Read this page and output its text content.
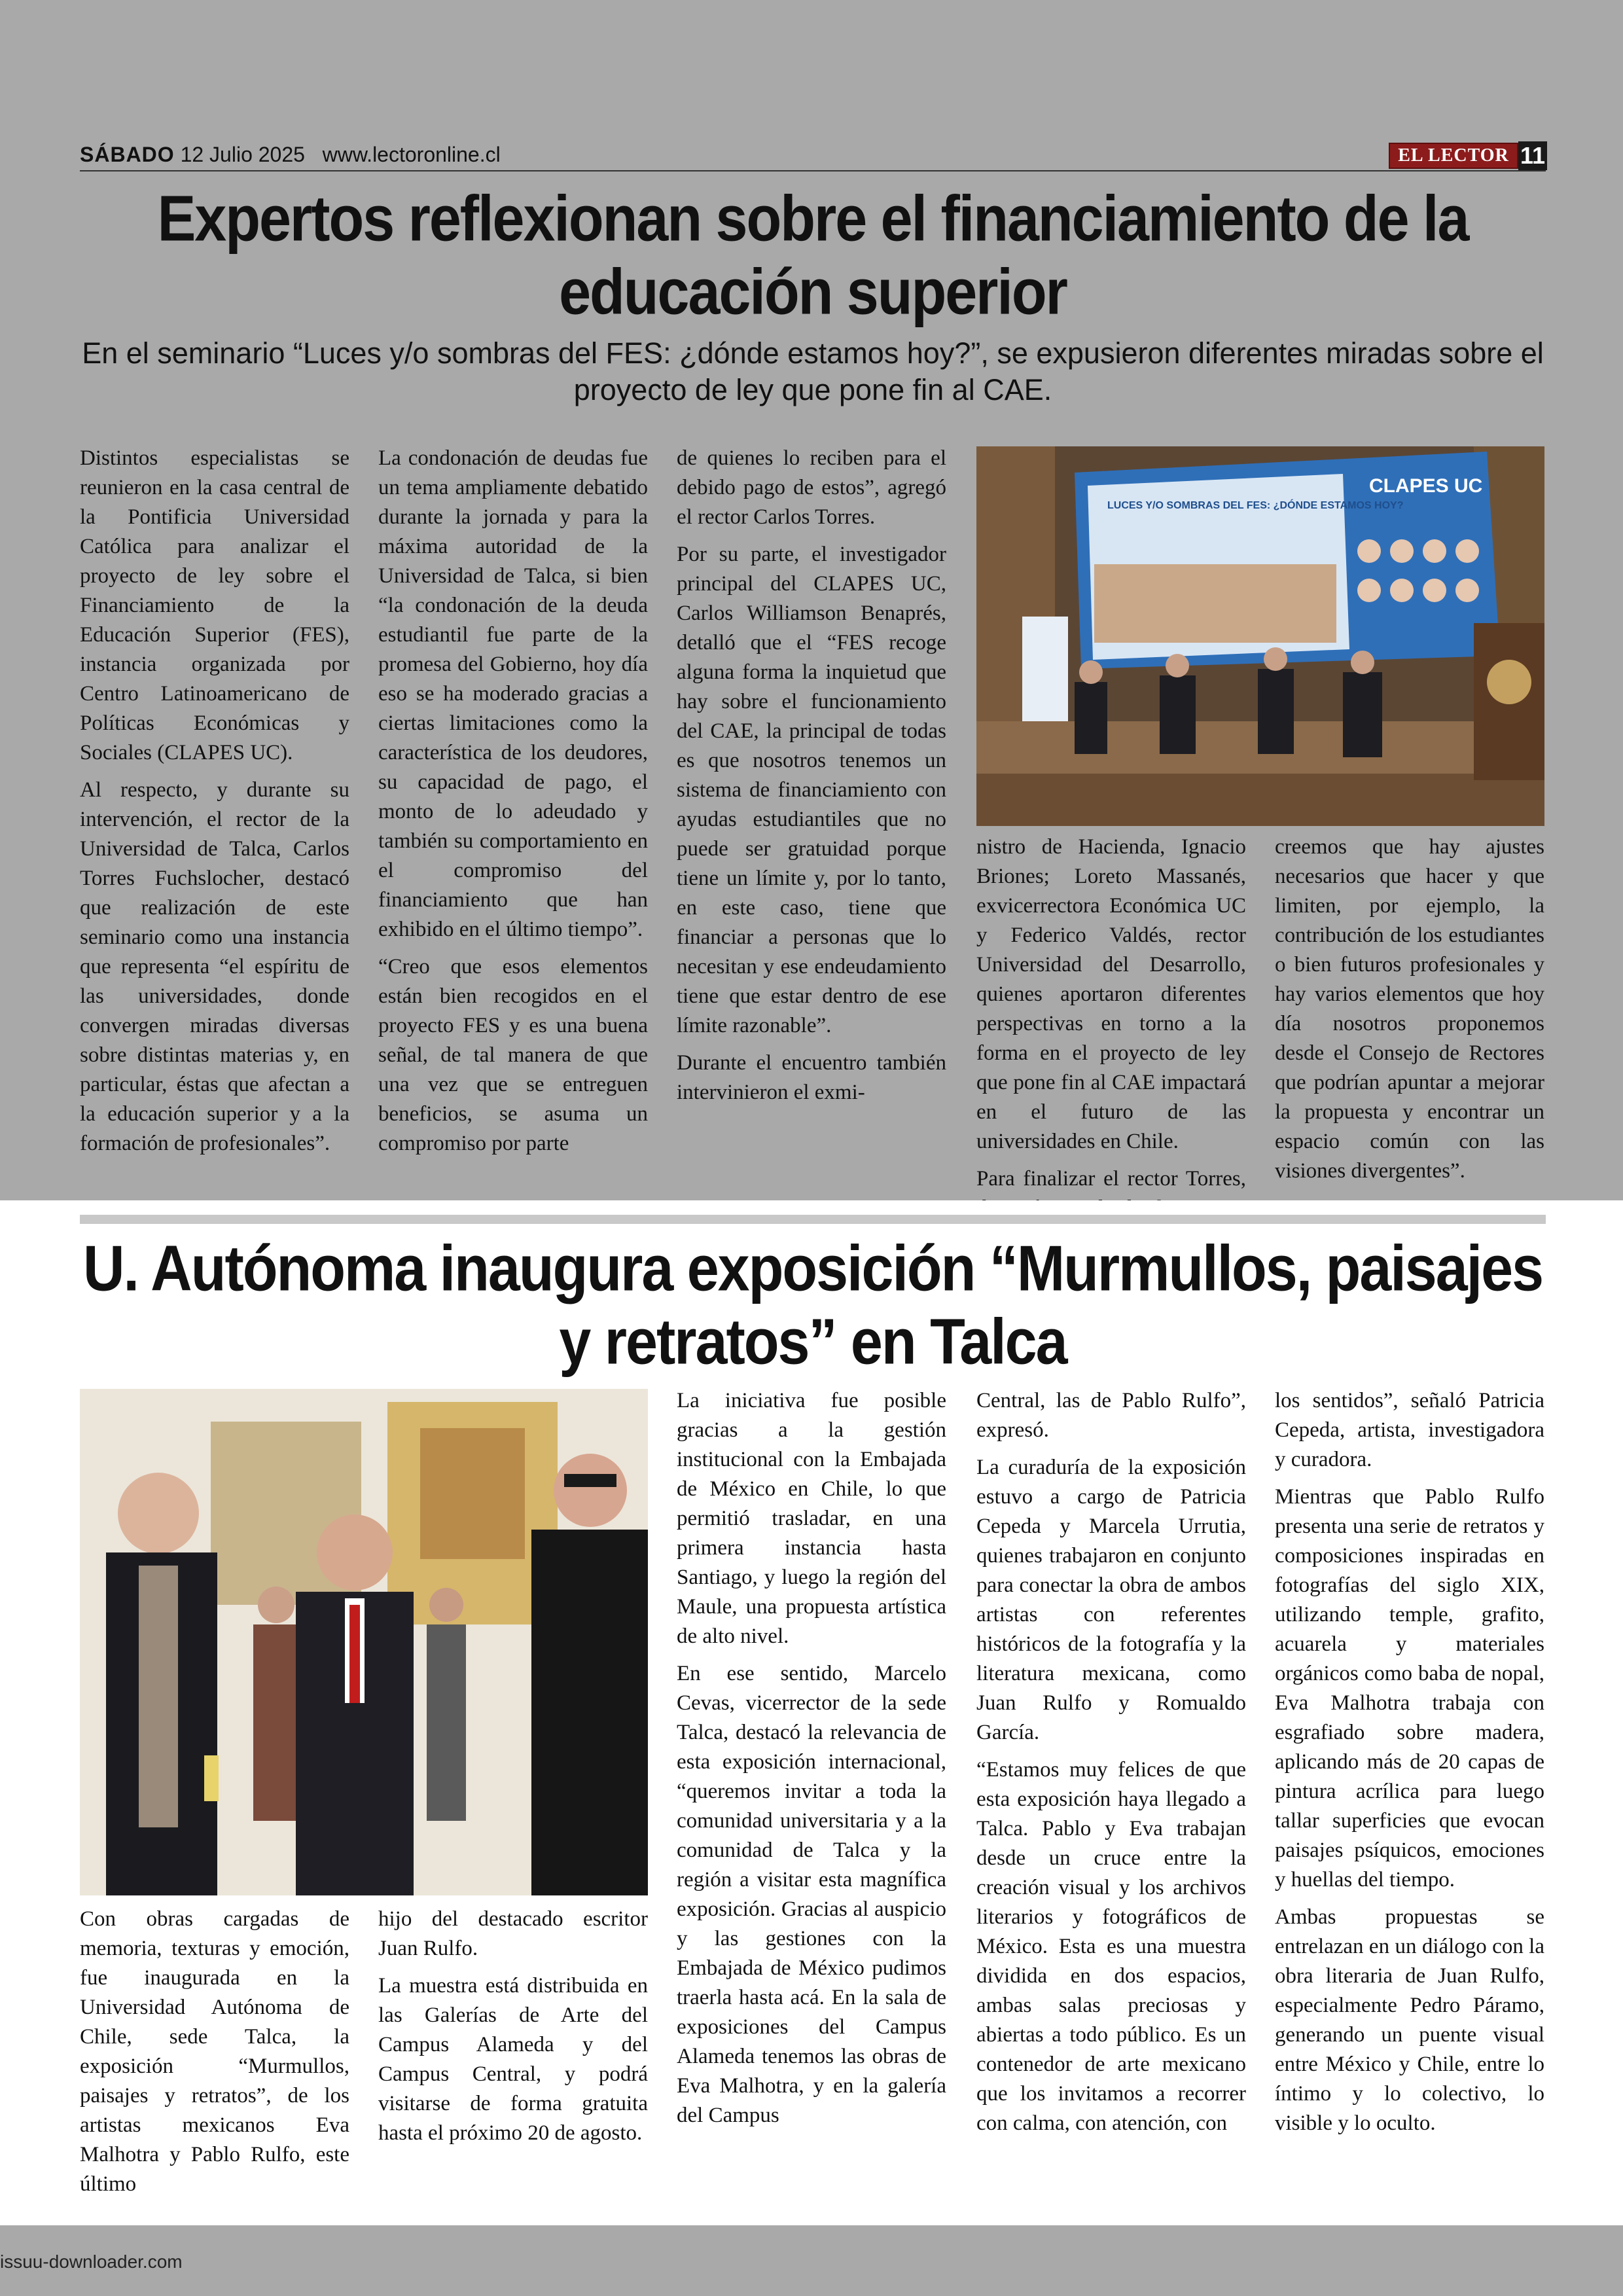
SÁBADO 12 Julio 2025 www.lectoronline.cl	EL LECTOR 11
Expertos reflexionan sobre el financiamiento de la educación superior
En el seminario “Luces y/o sombras del FES: ¿dónde estamos hoy?”, se expusieron diferentes miradas sobre el proyecto de ley que pone fin al CAE.

Distintos especialistas se reunieron en la casa central de la Pontificia Universidad Católica para analizar el proyecto de ley sobre el Financiamiento de la Educación Superior (FES), instancia organizada por Centro Latinoamericano de Políticas Económicas y Sociales (CLAPES UC).

Al respecto, y durante su intervención, el rector de la Universidad de Talca, Carlos Torres Fuchslocher, destacó que realización de este seminario como una instancia que representa “el espíritu de las universidades, donde convergen miradas diversas sobre distintas materias y, en particular, éstas que afectan a la educación superior y a la formación de profesionales”.

La condonación de deudas fue un tema ampliamente debatido durante la jornada y para la máxima autoridad de la Universidad de Talca, si bien “la condonación de la deuda estudiantil fue parte de la promesa del Gobierno, hoy día eso se ha moderado gracias a ciertas limitaciones como la característica de los deudores, su capacidad de pago, el monto de lo adeudado y también su comportamiento en el compromiso del financiamiento que han exhibido en el último tiempo”.

“Creo que esos elementos están bien recogidos en el proyecto FES y es una buena señal, de tal manera de que una vez que se entreguen beneficios, se asuma un compromiso por parte

de quienes lo reciben para el debido pago de estos”, agregó el rector Carlos Torres.

Por su parte, el investigador principal del CLAPES UC, Carlos Williamson Benaprés, detalló que el “FES recoge alguna forma la inquietud que hay sobre el funcionamiento del CAE, la principal de todas es que nosotros tenemos un sistema de financiamiento con ayudas estudiantiles que no puede ser gratuidad porque tiene un límite y, por lo tanto, en este caso, tiene que financiar a personas que lo necesitan y ese endeudamiento tiene que estar dentro de ese límite razonable”.

Durante el encuentro también intervinieron el exmi-

LUCES Y/O SOMBRAS DEL FES: ¿DÓNDE ESTAMOS HOY?
CLAPES UC

nistro de Hacienda, Ignacio Briones; Loreto Massanés, exvicerrectora Económica UC y Federico Valdés, rector Universidad del Desarrollo, quienes aportaron diferentes perspectivas en torno a la forma en el proyecto de ley que pone fin al CAE impactará en el futuro de las universidades en Chile.

Para finalizar el rector Torres,

creemos que hay ajustes necesarios que hacer y que limiten, por ejemplo, la contribución de los estudiantes o bien futuros profesionales y hay varios elementos que hoy día nosotros proponemos desde el Consejo de Rectores que podrían apuntar a mejorar la propuesta y encontrar un espacio común con las visiones divergentes”.

U. Autónoma inaugura exposición “Murmullos, paisajes y retratos” en Talca

Con obras cargadas de memoria, texturas y emoción, fue inaugurada en la Universidad Autónoma de Chile, sede Talca, la exposición “Murmullos, paisajes y retratos”, de los artistas mexicanos Eva Malhotra y Pablo Rulfo, este último

hijo del destacado escritor Juan Rulfo.

La muestra está distribuida en las Galerías de Arte del Campus Alameda y del Campus Central, y podrá visitarse de forma gratuita hasta el próximo 20 de agosto.

La iniciativa fue posible gracias a la gestión institucional con la Embajada de México en Chile, lo que permitió trasladar, en una primera instancia hasta Santiago, y luego la región del Maule, una propuesta artística de alto nivel.

En ese sentido, Marcelo Cevas, vicerrector de la sede Talca, destacó la relevancia de esta exposición internacional, “queremos invitar a toda la comunidad universitaria y a la comunidad de Talca y la región a visitar esta magnífica exposición. Gracias al auspicio y las gestiones con la Embajada de México pudimos traerla hasta acá. En la sala de exposiciones del Campus Alameda tenemos las obras de Eva Malhotra, y en la galería del Campus

Central, las de Pablo Rulfo”, expresó.

La curaduría de la exposición estuvo a cargo de Patricia Cepeda y Marcela Urrutia, quienes trabajaron en conjunto para conectar la obra de ambos artistas con referentes históricos de la fotografía y la literatura mexicana, como Juan Rulfo y Romualdo García.

“Estamos muy felices de que esta exposición haya llegado a Talca. Pablo y Eva trabajan desde un cruce entre la creación visual y los archivos literarios y fotográficos de México. Esta es una muestra dividida en dos espacios, ambas salas preciosas y abiertas a todo público. Es un contenedor de arte mexicano que los invitamos a recorrer con calma, con atención, con

los sentidos”, señaló Patricia Cepeda, artista, investigadora y curadora.

Mientras que Pablo Rulfo presenta una serie de retratos y composiciones inspiradas en fotografías del siglo XIX, utilizando temple, grafito, acuarela y materiales orgánicos como baba de nopal, Eva Malhotra trabaja con esgrafiado sobre madera, aplicando más de 20 capas de pintura acrílica para luego tallar superficies que evocan paisajes psíquicos, emociones y huellas del tiempo.

Ambas propuestas se entrelazan en un diálogo con la obra literaria de Juan Rulfo, especialmente Pedro Páramo, generando un puente visual entre México y Chile, entre lo íntimo y lo colectivo, lo visible y lo oculto.

issuu-downloader.com
